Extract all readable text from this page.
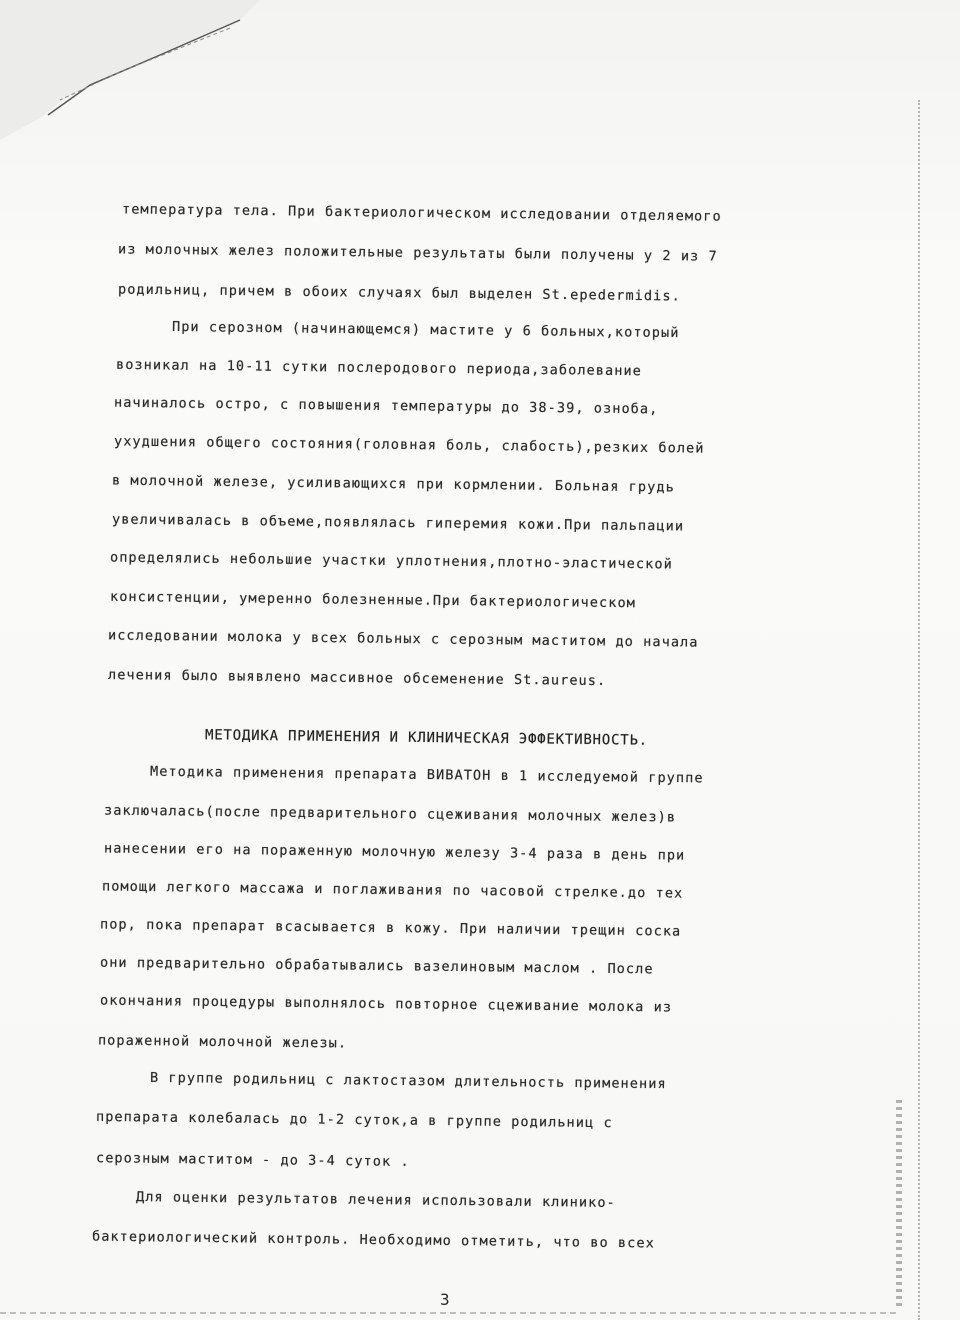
температура тела. При бактериологическом исследовании отделяемого
из молочных желез положительные результаты были получены у 2 из 7
родильниц, причем в обоих случаях был выделен St.epedermidis.
При серозном (начинающемся) мастите у 6 больных,который
возникал на 10-11 сутки послеродового периода,заболевание
начиналось остро, с повышения температуры до 38-39, озноба,
ухудшения общего состояния(головная боль, слабость),резких болей
в молочной железе, усиливающихся при кормлении. Больная грудь
увеличивалась в объеме,появлялась гиперемия кожи.При пальпации
определялись небольшие участки уплотнения,плотно-эластической
консистенции, умеренно болезненные.При бактериологическом
исследовании молока у всех больных с серозным маститом до начала
лечения было выявлено массивное обсеменение St.aureus.
МЕТОДИКА ПРИМЕНЕНИЯ И КЛИНИЧЕСКАЯ ЭФФЕКТИВНОСТЬ.
Методика применения препарата ВИВАТОН в 1 исследуемой группе
заключалась(после предварительного сцеживания молочных желез)в
нанесении его на пораженную молочную железу 3-4 раза в день при
помощи легкого массажа и поглаживания по часовой стрелке.до тех
пор, пока препарат всасывается в кожу. При наличии трещин соска
они предварительно обрабатывались вазелиновым маслом . После
окончания процедуры выполнялось повторное сцеживание молока из
пораженной молочной железы.
В группе родильниц с лактостазом длительность применения
препарата колебалась до 1-2 суток,а в группе родильниц с
серозным маститом - до 3-4 суток .
Для оценки результатов лечения использовали клинико-
бактериологический контроль. Необходимо отметить, что во всех
3
